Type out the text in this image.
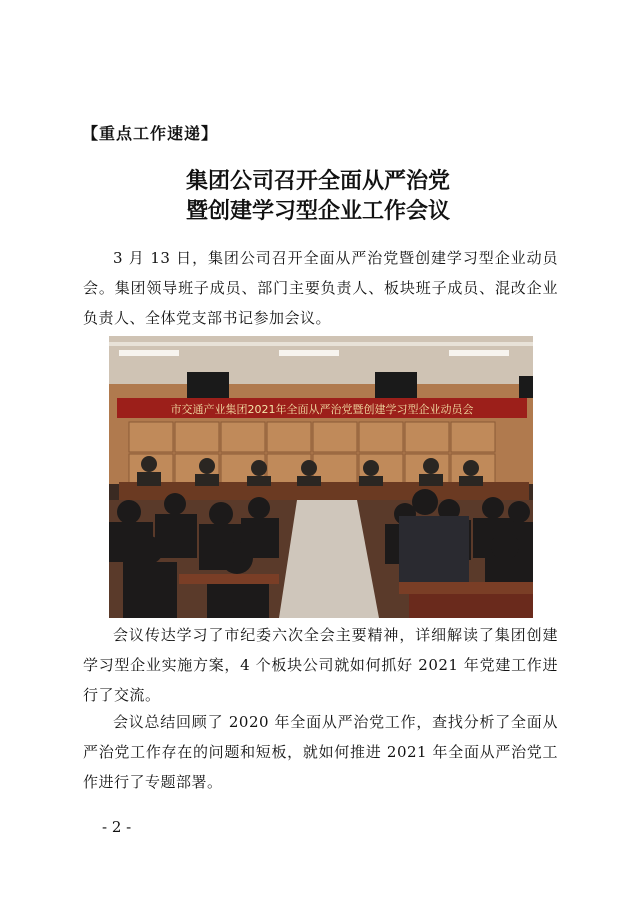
【重点工作速递】
集团公司召开全面从严治党
暨创建学习型企业工作会议
3 月 13 日，集团公司召开全面从严治党暨创建学习型企业动员会。集团领导班子成员、部门主要负责人、板块班子成员、混改企业负责人、全体党支部书记参加会议。
市交通产业集团2021年全面从严治党暨创建学习型企业动员会
会议传达学习了市纪委六次全会主要精神，详细解读了集团创建学习型企业实施方案，4 个板块公司就如何抓好 2021 年党建工作进行了交流。
会议总结回顾了 2020 年全面从严治党工作，查找分析了全面从严治党工作存在的问题和短板，就如何推进 2021 年全面从严治党工作进行了专题部署。
- 2 -
